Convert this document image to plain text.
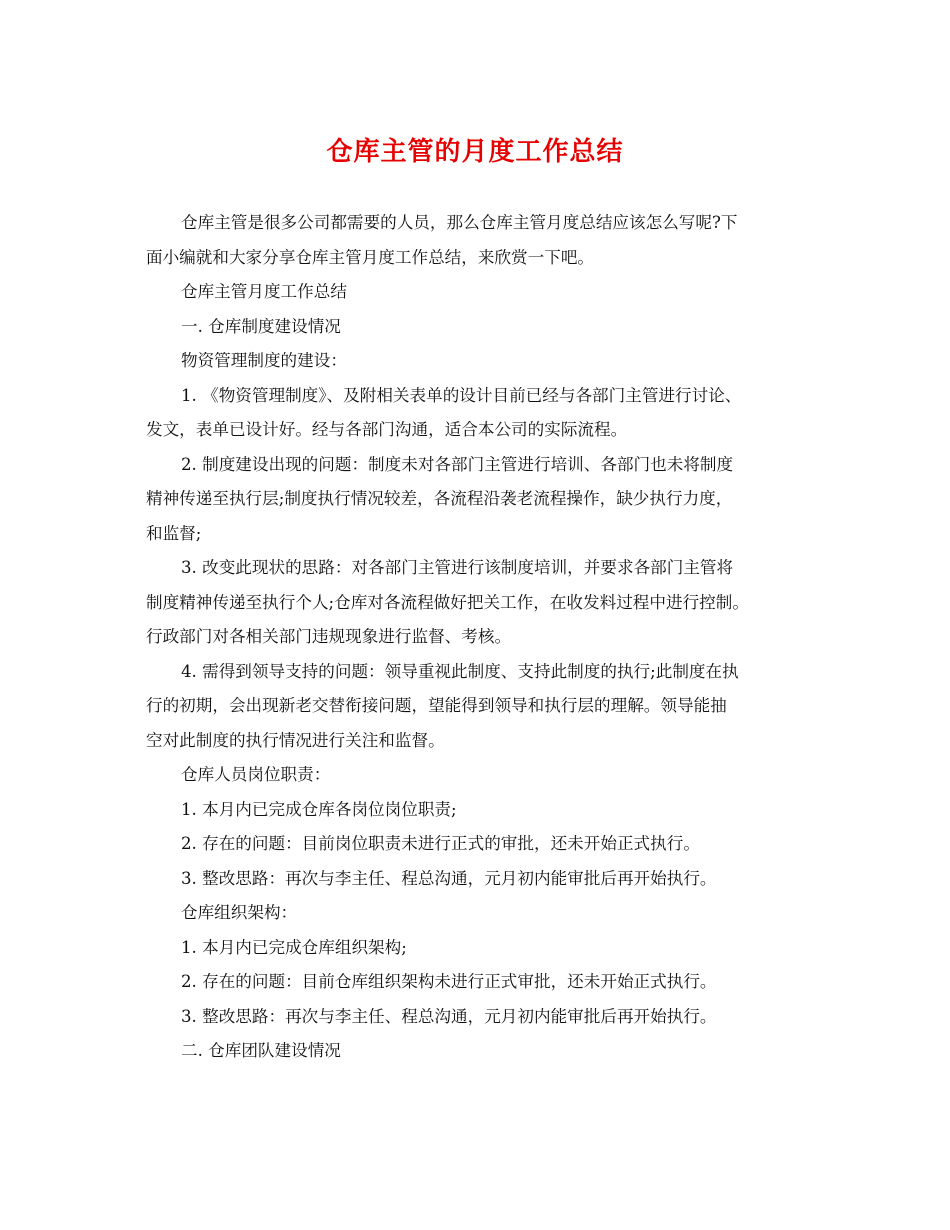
仓库主管的月度工作总结

仓库主管是很多公司都需要的人员，那么仓库主管月度总结应该怎么写呢?下

面小编就和大家分享仓库主管月度工作总结，来欣赏一下吧。

仓库主管月度工作总结

一. 仓库制度建设情况

物资管理制度的建设：

1. 《物资管理制度》、及附相关表单的设计目前已经与各部门主管进行讨论、

发文，表单已设计好。经与各部门沟通，适合本公司的实际流程。

2. 制度建设出现的问题：制度未对各部门主管进行培训、各部门也未将制度

精神传递至执行层;制度执行情况较差，各流程沿袭老流程操作，缺少执行力度，

和监督;

3. 改变此现状的思路：对各部门主管进行该制度培训，并要求各部门主管将

制度精神传递至执行个人;仓库对各流程做好把关工作，在收发料过程中进行控制。

行政部门对各相关部门违规现象进行监督、考核。

4. 需得到领导支持的问题：领导重视此制度、支持此制度的执行;此制度在执

行的初期，会出现新老交替衔接问题，望能得到领导和执行层的理解。领导能抽

空对此制度的执行情况进行关注和监督。

仓库人员岗位职责：

1. 本月内已完成仓库各岗位岗位职责;

2. 存在的问题：目前岗位职责未进行正式的审批，还未开始正式执行。

3. 整改思路：再次与李主任、程总沟通，元月初内能审批后再开始执行。

仓库组织架构：

1. 本月内已完成仓库组织架构;

2. 存在的问题：目前仓库组织架构未进行正式审批，还未开始正式执行。

3. 整改思路：再次与李主任、程总沟通，元月初内能审批后再开始执行。

二. 仓库团队建设情况
